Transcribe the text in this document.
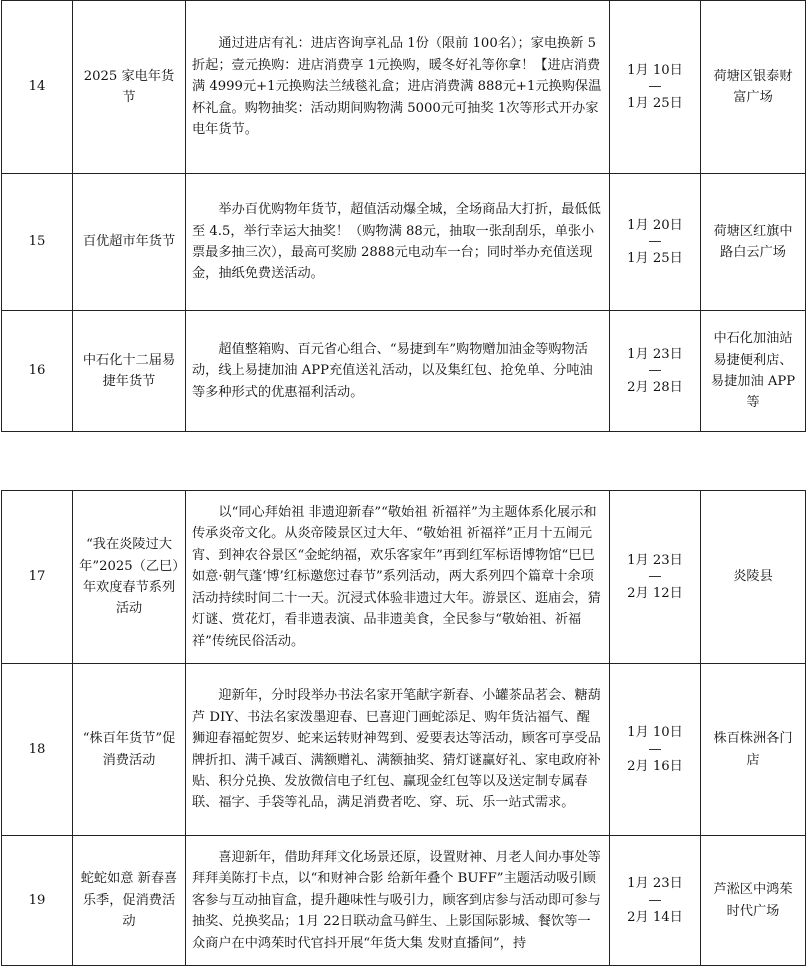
14	2025 家电年货节	通过进店有礼：进店咨询享礼品 1份（限前 100名）；家电换新 5折起；壹元换购：进店消费享 1元换购，暖冬好礼等你拿！【进店消费满 4999元+1元换购法兰绒毯礼盒；进店消费满 888元+1元换购保温杯礼盒。购物抽奖：活动期间购物满 5000元可抽奖 1次等形式开办家电年货节。	1月 10日
—
1月 25日	荷塘区银泰财富广场
15	百优超市年货节	举办百优购物年货节，超值活动爆全城，全场商品大打折，最低低至 4.5，举行幸运大抽奖！（购物满 88元，抽取一张刮刮乐，单张小票最多抽三次），最高可奖励 2888元电动车一台；同时举办充值送现金，抽纸免费送活动。	1月 20日
—
1月 25日	荷塘区红旗中路白云广场
16	中石化十二届易捷年货节	超值整箱购、百元省心组合、“易捷到车”购物赠加油金等购物活动，线上易捷加油 APP充值送礼活动，以及集红包、抢免单、分吨油等多种形式的优惠福利活动。	1月 23日
—
2月 28日	中石化加油站易捷便利店、易捷加油 APP等
17	“我在炎陵过大年”2025（乙巳）年欢度春节系列活动	以“同心拜始祖 非遗迎新春”“敬始祖 祈福祥”为主题体系化展示和传承炎帝文化。从炎帝陵景区过大年、“敬始祖 祈福祥”正月十五闹元宵、到神农谷景区“金蛇纳福，欢乐客家年”再到红军标语博物馆“巳巳如意·朝气蓬‘博’红标邀您过春节”系列活动，两大系列四个篇章十余项活动持续时间二十一天。沉浸式体验非遗过大年。游景区、逛庙会，猜灯谜、赏花灯，看非遗表演、品非遗美食，全民参与“敬始祖、祈福祥”传统民俗活动。	1月 23日
—
2月 12日	炎陵县
18	“株百年货节”促消费活动	迎新年，分时段举办书法名家开笔献字新春、小罐茶品茗会、糖葫芦 DIY、书法名家泼墨迎春、巳喜迎门画蛇添足、购年货沾福气、醒狮迎春福蛇贺岁、蛇来运转财神驾到、爱要表达等活动，顾客可享受品牌折扣、满千减百、满额赠礼、满额抽奖、猜灯谜赢好礼、家电政府补贴、积分兑换、发放微信电子红包、赢现金红包等以及送定制专属春联、福字、手袋等礼品，满足消费者吃、穿、玩、乐一站式需求。	1月 10日
—
2月 16日	株百株洲各门店
19	蛇蛇如意 新春喜乐季，促消费活动	喜迎新年，借助拜拜文化场景还原，设置财神、月老人间办事处等拜拜美陈打卡点，以“和财神合影 给新年叠个 BUFF”主题活动吸引顾客参与互动抽盲盒，提升趣味性与吸引力，顾客到店参与活动即可参与抽奖、兑换奖品；1月 22日联动盒马鲜生、上影国际影城、餐饮等一众商户在中鸿茱时代官抖开展“年货大集 发财直播间”，持	1月 23日
—
2月 14日	芦淞区中鸿茱时代广场
